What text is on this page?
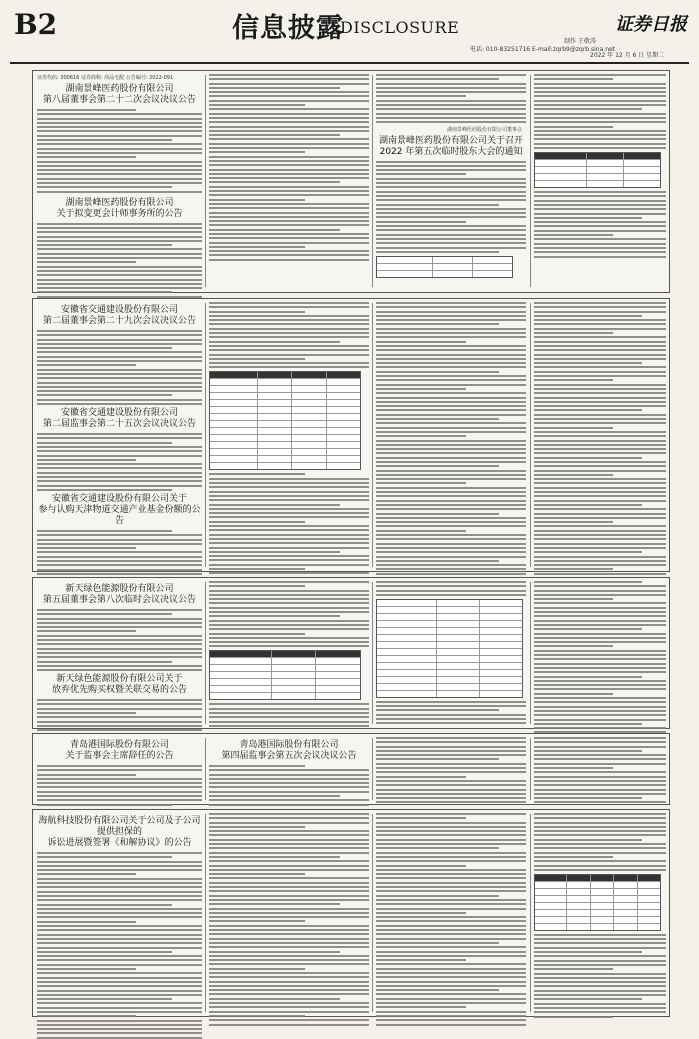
B2	信息披露
DISCLOSURE
制作 王敬涛
电话: 010-83251716 E-mail:zqrb9@zqrb.sina.net
证券日报
2022 年 12 月 6 日 星期二
证券代码: 300616 证券简称: 尚品宅配 公告编号: 2022-091
湖南景峰医药股份有限公司
第八届董事会第二十二次会议决议公告
湖南景峰医药股份有限公司
关于拟变更会计师事务所的公告
湖南景峰医药股份有限公司董事会
湖南景峰医药股份有限公司关于召开
2022 年第五次临时股东大会的通知
安徽省交通建设股份有限公司
第二届董事会第二十九次会议决议公告
安徽省交通建设股份有限公司
第二届监事会第二十五次会议决议公告
安徽省交通建设股份有限公司关于
参与认购天津物道交通产业基金份额的公告
新天绿色能源股份有限公司
第五届董事会第八次临时会议决议公告
新天绿色能源股份有限公司关于
放弃优先购买权暨关联交易的公告
青岛港国际股份有限公司
关于监事会主席辞任的公告
青岛港国际股份有限公司
第四届监事会第五次会议决议公告
海航科技股份有限公司关于公司及子公司提供担保的
诉讼进展暨签署《和解协议》的公告
